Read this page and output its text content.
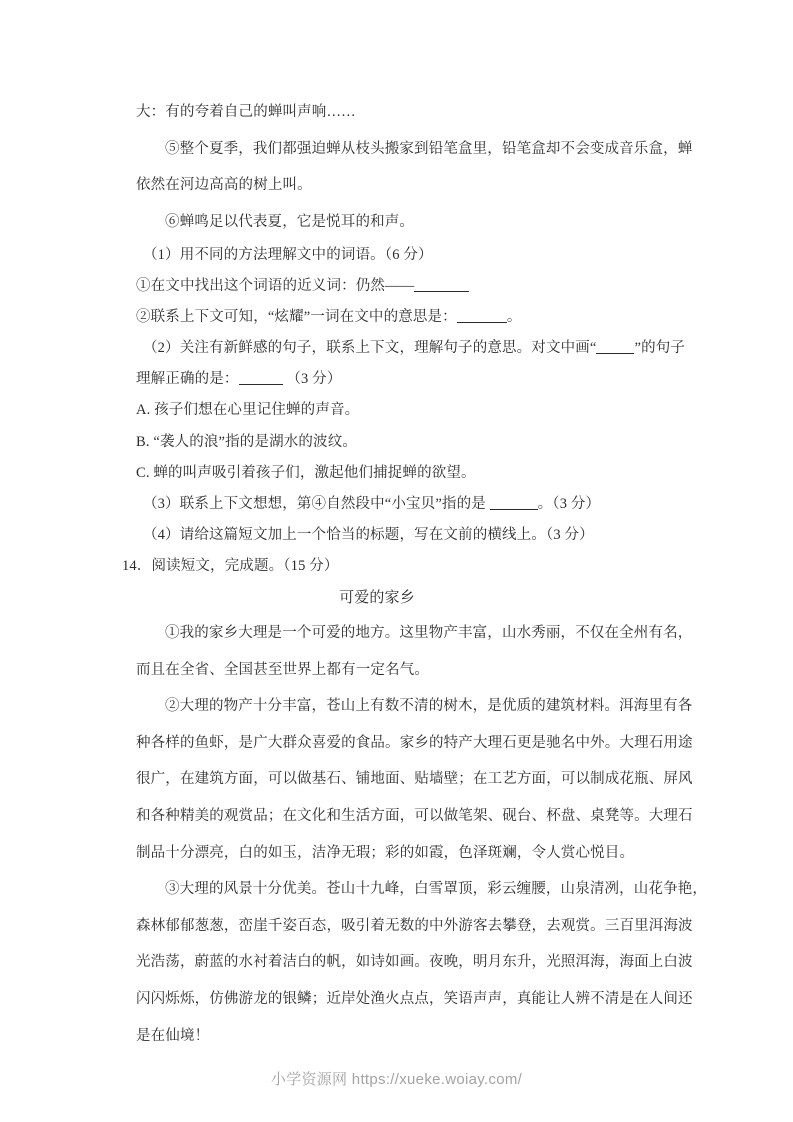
大：有的夸着自己的蝉叫声响……
⑤整个夏季，我们都强迫蝉从枝头搬家到铅笔盒里，铅笔盒却不会变成音乐盒，蝉
依然在河边高高的树上叫。
⑥蝉鸣足以代表夏，它是悦耳的和声。
（1）用不同的方法理解文中的词语。（6 分）
①在文中找出这个词语的近义词：仍然——
②联系上下文可知，“炫耀”一词在文中的意思是：	。
（2）关注有新鲜感的句子，联系上下文，理解句子的意思。对文中画“	”的句子
理解正确的是：	（3 分）
A. 孩子们想在心里记住蝉的声音。
B. “袭人的浪”指的是湖水的波纹。
C. 蝉的叫声吸引着孩子们，激起他们捕捉蝉的欲望。
（3）联系上下文想想，第④自然段中“小宝贝”指的是	。（3 分）
（4）请给这篇短文加上一个恰当的标题，写在文前的横线上。（3 分）
14．阅读短文，完成题。（15 分）
可爱的家乡
①我的家乡大理是一个可爱的地方。这里物产丰富，山水秀丽，不仅在全州有名，
而且在全省、全国甚至世界上都有一定名气。
②大理的物产十分丰富，苍山上有数不清的树木，是优质的建筑材料。洱海里有各
种各样的鱼虾，是广大群众喜爱的食品。家乡的特产大理石更是驰名中外。大理石用途
很广，在建筑方面，可以做基石、铺地面、贴墙壁；在工艺方面，可以制成花瓶、屏风
和各种精美的观赏品；在文化和生活方面，可以做笔架、砚台、杯盘、桌凳等。大理石
制品十分漂亮，白的如玉，洁净无瑕；彩的如霞，色泽斑斓，令人赏心悦目。
③大理的风景十分优美。苍山十九峰，白雪罩顶，彩云缠腰，山泉清冽，山花争艳，
森林郁郁葱葱，峦崖千姿百态，吸引着无数的中外游客去攀登，去观赏。三百里洱海波
光浩荡，蔚蓝的水衬着洁白的帆，如诗如画。夜晚，明月东升，光照洱海，海面上白波
闪闪烁烁，仿佛游龙的银鳞；近岸处渔火点点，笑语声声，真能让人辨不清是在人间还
是在仙境！
小学资源网 https://xueke.woiay.com/
